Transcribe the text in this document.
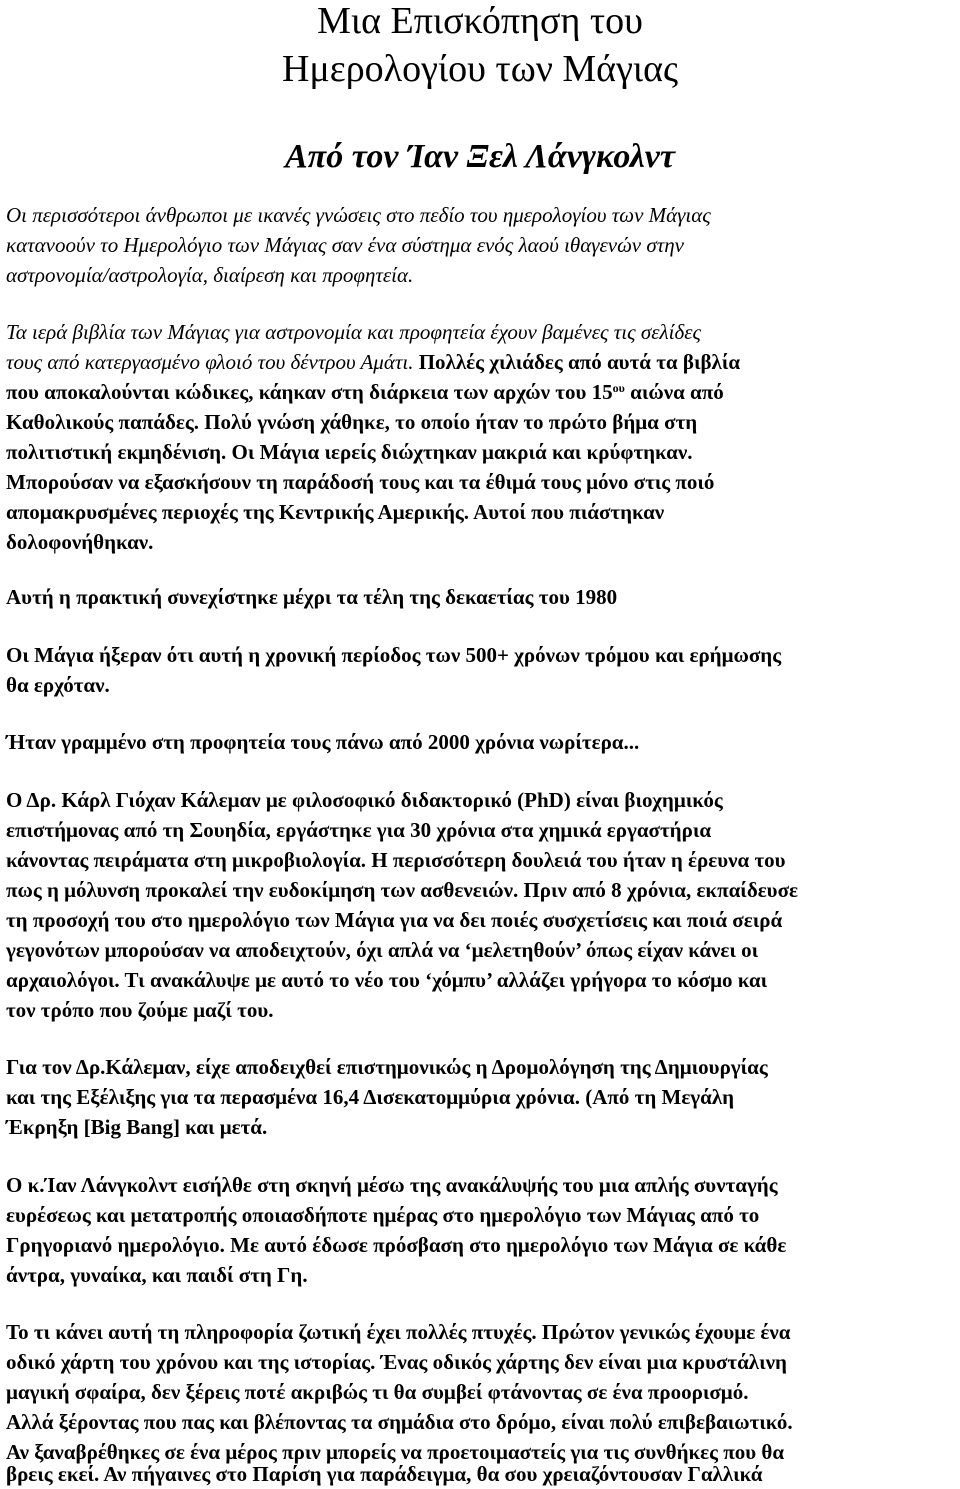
Μια Επισκόπηση του
Ημερολογίου των Μάγιας
Από τον Ίαν Ξελ Λάνγκολντ

Οι περισσότεροι άνθρωποι με ικανές γνώσεις στο πεδίο του ημερολογίου των Μάγιας

κατανοούν το Ημερολόγιο των Μάγιας σαν ένα σύστημα ενός λαού ιθαγενών στην

αστρονομία/αστρολογία, διαίρεση και προφητεία.

Τα ιερά βιβλία των Μάγιας για αστρονομία και προφητεία έχουν βαμένες τις σελίδες

τους από κατεργασμένο φλοιό του δέντρου Αμάτι. Πολλές χιλιάδες από αυτά τα βιβλία

που αποκαλούνται κώδικες, κάηκαν στη διάρκεια των αρχών του $15^{o\upsilon}$ αιώνα από

Καθολικούς παπάδες. Πολύ γνώση χάθηκε, το οποίο ήταν το πρώτο βήμα στη

πολιτιστική εκμηδένιση. Οι Μάγια ιερείς διώχτηκαν μακριά και κρύφτηκαν.

Μπορούσαν να εξασκήσουν τη παράδοσή τους και τα έθιμά τους μόνο στις ποιό

απομακρυσμένες περιοχές της Κεντρικής Αμερικής. Αυτοί που πιάστηκαν

δολοφονήθηκαν.

Αυτή η πρακτική συνεχίστηκε μέχρι τα τέλη της δεκαετίας του 1980

Οι Μάγια ήξεραν ότι αυτή η χρονική περίοδος των 500+ χρόνων τρόμου και ερήμωσης

θα ερχόταν.

Ήταν γραμμένο στη προφητεία τους πάνω από 2000 χρόνια νωρίτερα...

Ο Δρ. Κάρλ Γιόχαν Κάλεμαν με φιλοσοφικό διδακτορικό (PhD) είναι βιοχημικός

επιστήμονας από τη Σουηδία, εργάστηκε για 30 χρόνια στα χημικά εργαστήρια

κάνοντας πειράματα στη μικροβιολογία. Η περισσότερη δουλειά του ήταν η έρευνα του

πως η μόλυνση προκαλεί την ευδοκίμηση των ασθενειών. Πριν από 8 χρόνια, εκπαίδευσε

τη προσοχή του στο ημερολόγιο των Μάγια για να δει ποιές συσχετίσεις και ποιά σειρά

γεγονότων μπορούσαν να αποδειχτούν, όχι απλά να ‘μελετηθούν’ όπως είχαν κάνει οι

αρχαιολόγοι. Τι ανακάλυψε με αυτό το νέο του ‘χόμπυ’ αλλάζει γρήγορα το κόσμο και

τον τρόπο που ζούμε μαζί του.

Για τον Δρ.Κάλεμαν, είχε αποδειχθεί επιστημονικώς η Δρομολόγηση της Δημιουργίας

και της Εξέλιξης για τα περασμένα 16,4 Δισεκατομμύρια χρόνια. (Από τη Μεγάλη

Έκρηξη [Big Bang] και μετά.

Ο κ.Ίαν Λάνγκολντ εισήλθε στη σκηνή μέσω της ανακάλυψής του μια απλής συνταγής

ευρέσεως και μετατροπής οποιασδήποτε ημέρας στο ημερολόγιο των Μάγιας από το

Γρηγοριανό ημερολόγιο. Με αυτό έδωσε πρόσβαση στο ημερολόγιο των Μάγια σε κάθε

άντρα, γυναίκα, και παιδί στη Γη.

Το τι κάνει αυτή τη πληροφορία ζωτική έχει πολλές πτυχές. Πρώτον γενικώς έχουμε ένα

οδικό χάρτη του χρόνου και της ιστορίας. Ένας οδικός χάρτης δεν είναι μια κρυστάλινη

μαγική σφαίρα, δεν ξέρεις ποτέ ακριβώς τι θα συμβεί φτάνοντας σε ένα προορισμό.

Αλλά ξέροντας που πας και βλέποντας τα σημάδια στο δρόμο, είναι πολύ επιβεβαιωτικό.

Αν ξαναβρέθηκες σε ένα μέρος πριν μπορείς να προετοιμαστείς για τις συνθήκες που θα

βρεις εκεί. Αν πήγαινες στο Παρίση για παράδειγμα, θα σου χρειαζόντουσαν Γαλλικά
